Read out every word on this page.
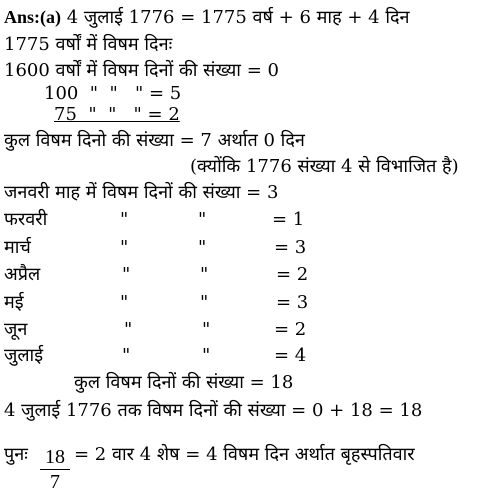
Ans:(a) 4 जुलाई 1776 = 1775 वर्ष + 6 माह + 4 दिन
1775 वर्षों में विषम दिनः
1600 वर्षों में विषम दिनों की संख्या = 0
100  "  "   " = 5
75  "  "   " = 2
कुल विषम दिनो की संख्या = 7 अर्थात 0 दिन
(क्योंकि 1776 संख्या 4 से विभाजित है)
जनवरी माह में विषम दिनों की संख्या = 3
फरवरी	"	"	= 1
मार्च	"	"	= 3
अप्रैल	"	"	= 2
मई	"	"	= 3
जून	"	"	= 2
जुलाई	"	"	= 4
कुल विषम दिनों की संख्या = 18
4 जुलाई 1776 तक विषम दिनों की संख्या = 0 + 18 = 18
पुनः 18
7
= 2 वार 4 शेष = 4 विषम दिन अर्थात बृहस्पतिवार
